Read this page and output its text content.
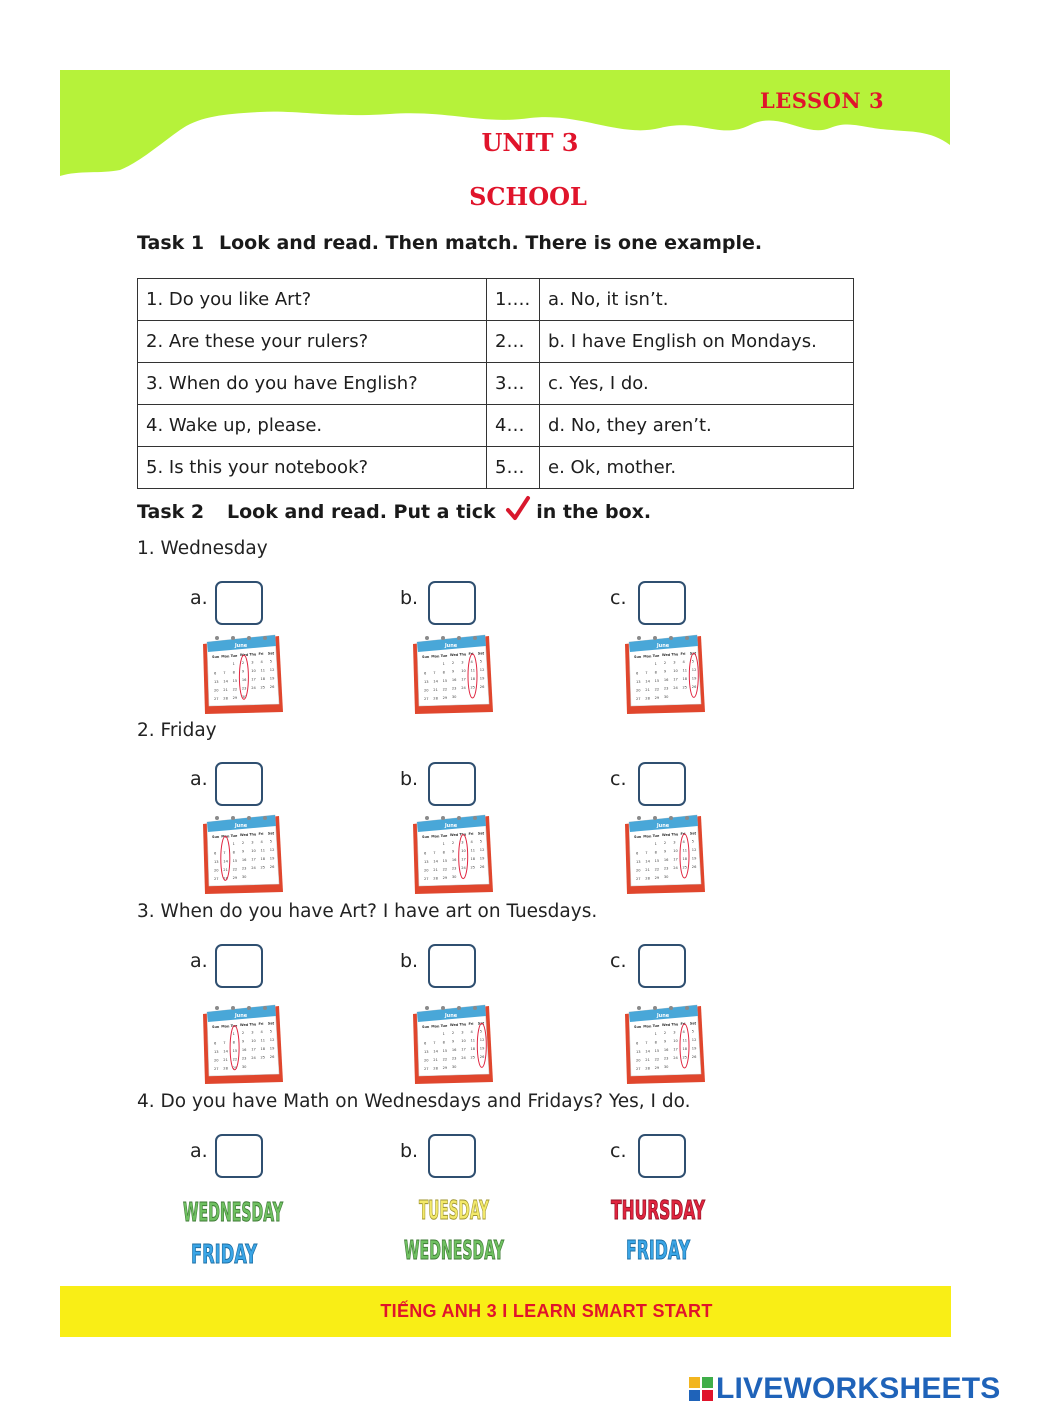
LESSON 3
UNIT 3
SCHOOL
Task 1 Look and read. Then match. There is one example.
1. Do you like Art?	1….	a. No, it isn’t.
2. Are these your rulers?	2…	b. I have English on Mondays.
3. When do you have English?	3…	c. Yes, I do.
4. Wake up, please.	4…	d. No, they aren’t.
5. Is this your notebook?	5…	e. Ok, mother.
Task 2 Look and read. Put a tick in the box.
1. Wednesday
2. Friday
3. When do you have Art? I have art on Tuesdays.
4. Do you have Math on Wednesdays and Fridays? Yes, I do.
a.	b.	c.
a.	b.	c.
a.	b.	c.
a.	b.	c.
June
Sun Mon Tue Wed Thu Fri Sat
1 2 3 4 5
6 7 8 9 10 11 12
13 14 15 16 17 18 19
20 21 22 23 24 25 26
27 28 29 30
June
Sun Mon Tue Wed Thu Fri Sat
1 2 3 4 5
6 7 8 9 10 11 12
13 14 15 16 17 18 19
20 21 22 23 24 25 26
27 28 29 30
June
Sun Mon Tue Wed Thu Fri Sat
1 2 3 4 5
6 7 8 9 10 11 12
13 14 15 16 17 18 19
20 21 22 23 24 25 26
27 28 29 30
June
Sun Mon Tue Wed Thu Fri Sat
1 2 3 4 5
6 7 8 9 10 11 12
13 14 15 16 17 18 19
20 21 22 23 24 25 26
27 28 29 30
June
Sun Mon Tue Wed Thu Fri Sat
1 2 3 4 5
6 7 8 9 10 11 12
13 14 15 16 17 18 19
20 21 22 23 24 25 26
27 28 29 30
June
Sun Mon Tue Wed Thu Fri Sat
1 2 3 4 5
6 7 8 9 10 11 12
13 14 15 16 17 18 19
20 21 22 23 24 25 26
27 28 29 30
June
Sun Mon Tue Wed Thu Fri Sat
1 2 3 4 5
6 7 8 9 10 11 12
13 14 15 16 17 18 19
20 21 22 23 24 25 26
27 28 29 30
June
Sun Mon Tue Wed Thu Fri Sat
1 2 3 4 5
6 7 8 9 10 11 12
13 14 15 16 17 18 19
20 21 22 23 24 25 26
27 28 29 30
June
Sun Mon Tue Wed Thu Fri Sat
1 2 3 4 5
6 7 8 9 10 11 12
13 14 15 16 17 18 19
20 21 22 23 24 25 26
27 28 29 30
WEDNESDAY
FRIDAY
TUESDAY
WEDNESDAY
THURSDAY
FRIDAY
TIẾNG ANH 3 I LEARN SMART START
LIVEWORKSHEETS
